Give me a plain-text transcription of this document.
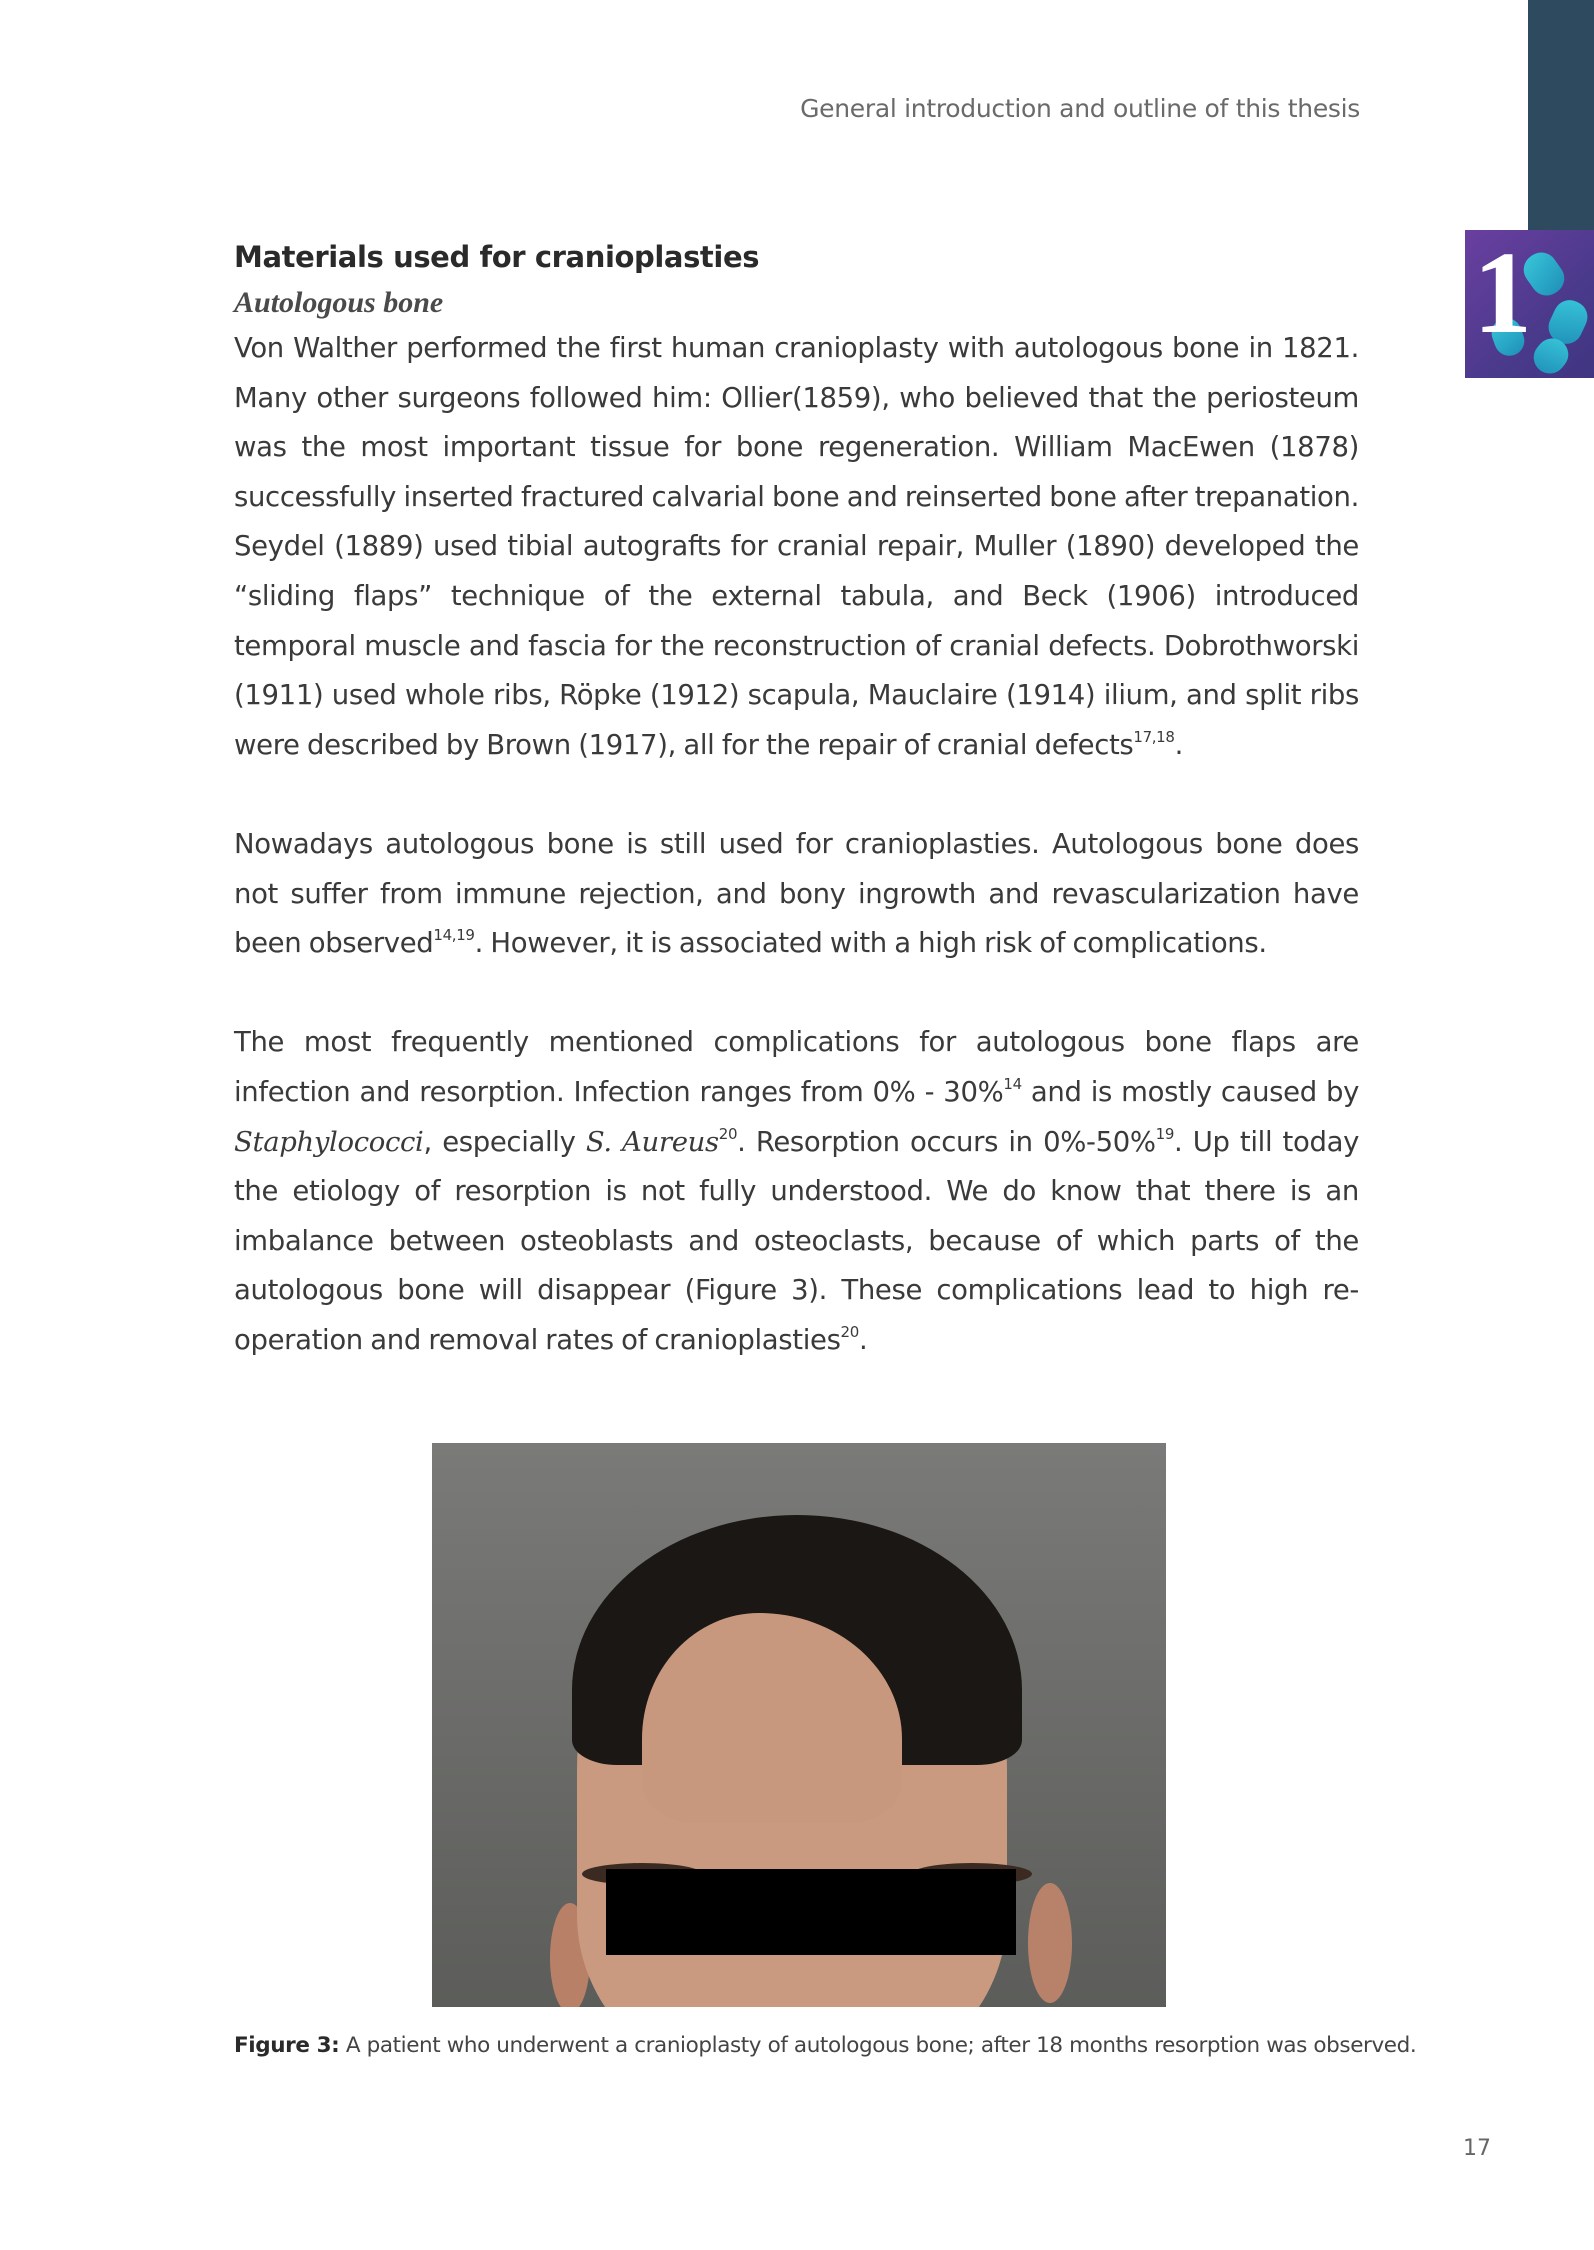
1
General introduction and outline of this thesis
Materials used for cranioplasties
Autologous bone

Von Walther performed the first human cranioplasty with autologous bone in 1821. Many other surgeons followed him: Ollier(1859), who believed that the periosteum was the most important tissue for bone regeneration. William MacEwen (1878) successfully inserted fractured calvarial bone and reinserted bone after trepanation. Seydel (1889) used tibial autografts for cranial repair, Muller (1890) developed the “sliding flaps” technique of the external tabula, and Beck (1906) introduced temporal muscle and fascia for the reconstruction of cranial defects. Dobrothworski (1911) used whole ribs, Röpke (1912) scapula, Mauclaire (1914) ilium, and split ribs were described by Brown (1917), all for the repair of cranial defects$^{17,18}$.

Nowadays autologous bone is still used for cranioplasties. Autologous bone does not suffer from immune rejection, and bony ingrowth and revascularization have been observed$^{14,19}$. However, it is associated with a high risk of complications.

The most frequently mentioned complications for autologous bone flaps are infection and resorption. Infection ranges from 0% - 30%$^{14}$ and is mostly caused by Staphylococci, especially S. Aureus$^{20}$. Resorption occurs in 0%-50%$^{19}$. Up till today the etiology of resorption is not fully understood. We do know that there is an imbalance between osteoblasts and osteoclasts, because of which parts of the autologous bone will disappear (Figure 3). These complications lead to high re-operation and removal rates of cranioplasties$^{20}$.

Figure 3: A patient who underwent a cranioplasty of autologous bone; after 18 months resorption was observed.
17
